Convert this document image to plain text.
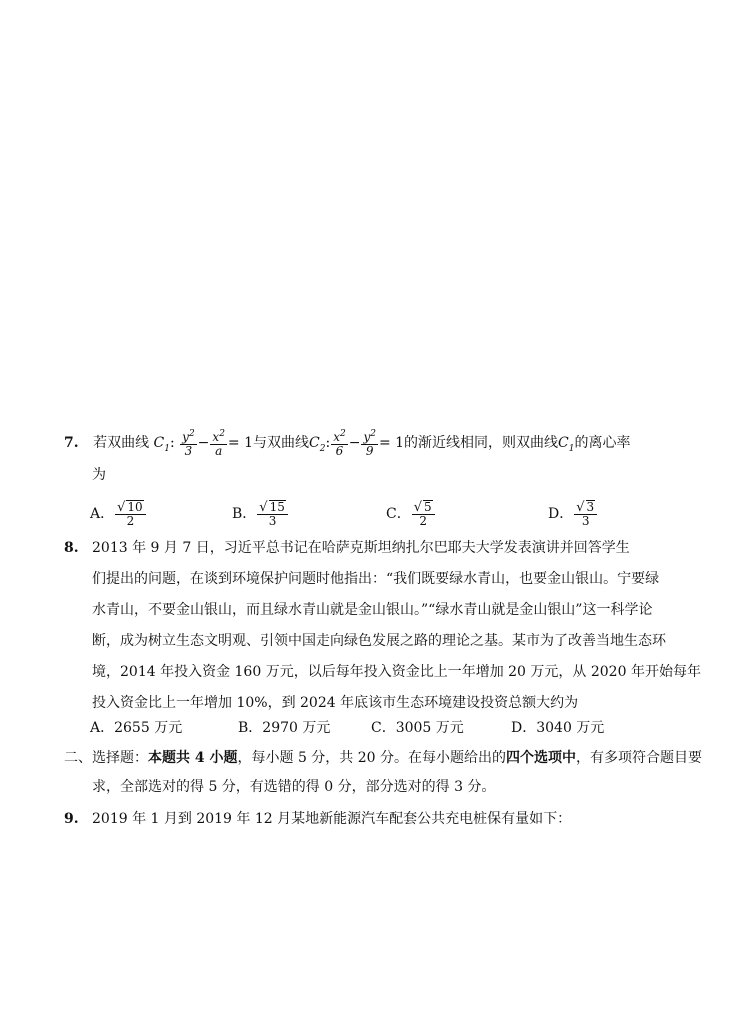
7. 若双曲线 $C_1$: $\frac{y^2}{3} - \frac{x^2}{a} = 1$与双曲线$C_2$: $\frac{x^2}{6} - \frac{y^2}{9} = 1$的渐近线相同，则双曲线$C_1$的离心率
为
A． $\frac{√ 10}{2}$	B． $\frac{√ 15}{3}$	C． $\frac{√ 5}{2}$	D． $\frac{√ 3}{3}$
8. 2013 年 9 月 7 日，习近平总书记在哈萨克斯坦纳扎尔巴耶夫大学发表演讲并回答学生
们提出的问题，在谈到环境保护问题时他指出：“我们既要绿水青山，也要金山银山。宁要绿
水青山，不要金山银山，而且绿水青山就是金山银山。”“绿水青山就是金山银山”这一科学论
断，成为树立生态文明观、引领中国走向绿色发展之路的理论之基。某市为了改善当地生态环
境，2014 年投入资金 160 万元，以后每年投入资金比上一年增加 20 万元，从 2020 年开始每年
投入资金比上一年增加 10%，到 2024 年底该市生态环境建设投资总额大约为
A．2655 万元	B．2970 万元	C．3005 万元	D．3040 万元
二、选择题：本题共 4 小题，每小题 5 分，共 20 分。在每小题给出的四个选项中，有多项符合题目要
求，全部选对的得 5 分，有选错的得 0 分，部分选对的得 3 分。
9. 2019 年 1 月到 2019 年 12 月某地新能源汽车配套公共充电桩保有量如下：
